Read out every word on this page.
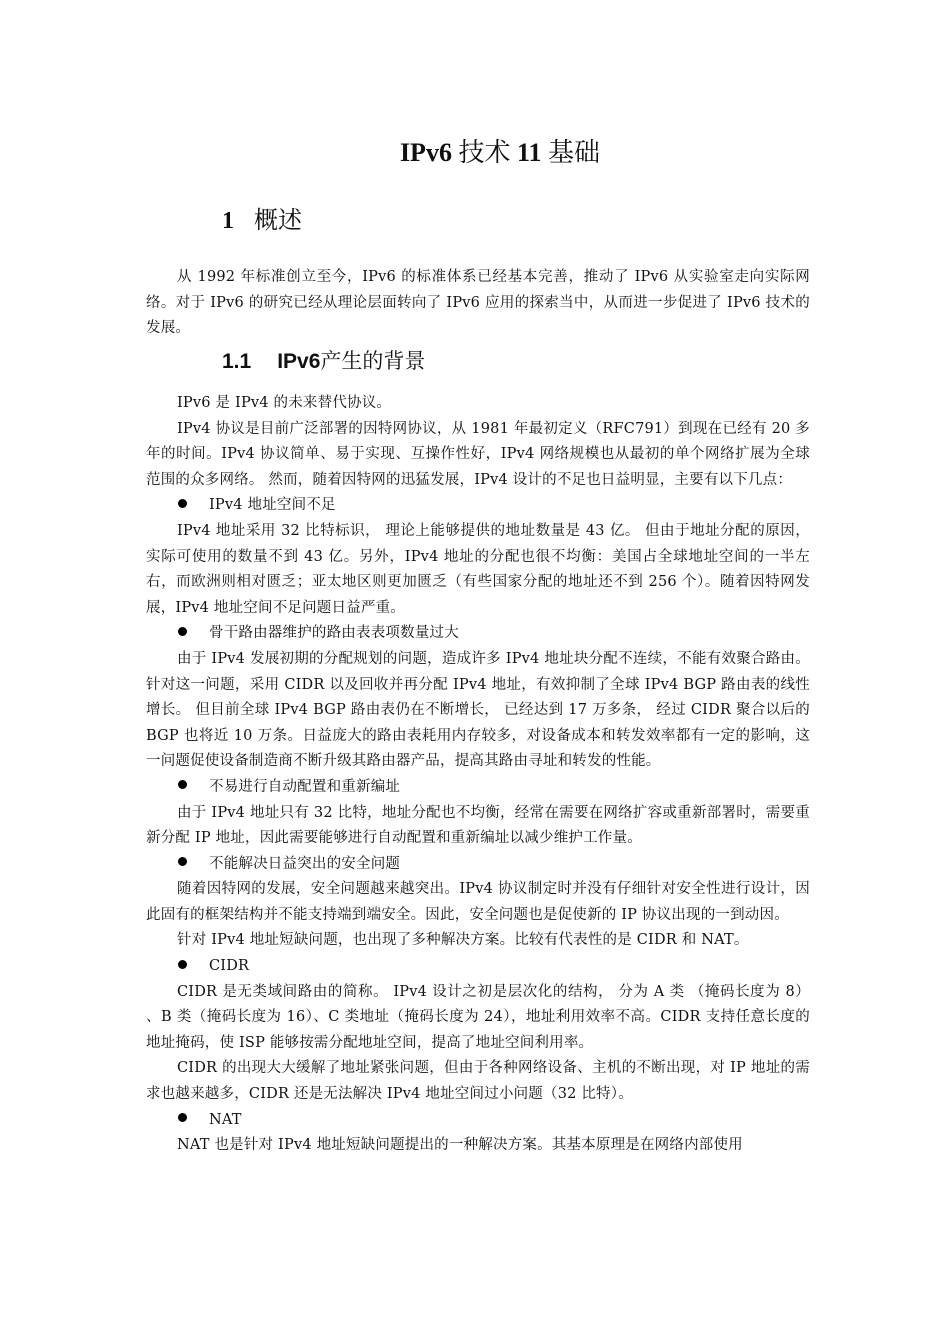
IPv6 技术 11 基础
1 概述

从 1992 年标准创立至今，IPv6 的标准体系已经基本完善，推动了 IPv6 从实验室走向实际网络。对于 IPv6 的研究已经从理论层面转向了 IPv6 应用的探索当中，从而进一步促进了 IPv6 技术的发展。

1.1 IPv6产生的背景

IPv6 是 IPv4 的未来替代协议。

IPv4 协议是目前广泛部署的因特网协议，从 1981 年最初定义（RFC791）到现在已经有 20 多年的时间。IPv4 协议简单、易于实现、互操作性好，IPv4 网络规模也从最初的单个网络扩展为全球范围的众多网络。 然而，随着因特网的迅猛发展，IPv4 设计的不足也日益明显，主要有以下几点：

IPv4 地址空间不足

IPv4 地址采用 32 比特标识， 理论上能够提供的地址数量是 43 亿。 但由于地址分配的原因，实际可使用的数量不到 43 亿。另外，IPv4 地址的分配也很不均衡：美国占全球地址空间的一半左右，而欧洲则相对匮乏；亚太地区则更加匮乏（有些国家分配的地址还不到 256 个）。随着因特网发展，IPv4 地址空间不足问题日益严重。

骨干路由器维护的路由表表项数量过大

由于 IPv4 发展初期的分配规划的问题，造成许多 IPv4 地址块分配不连续，不能有效聚合路由。针对这一问题，采用 CIDR 以及回收并再分配 IPv4 地址，有效抑制了全球 IPv4 BGP 路由表的线性增长。 但目前全球 IPv4 BGP 路由表仍在不断增长， 已经达到 17 万多条， 经过 CIDR 聚合以后的 BGP 也将近 10 万条。日益庞大的路由表耗用内存较多，对设备成本和转发效率都有一定的影响，这一问题促使设备制造商不断升级其路由器产品，提高其路由寻址和转发的性能。

不易进行自动配置和重新编址

由于 IPv4 地址只有 32 比特，地址分配也不均衡，经常在需要在网络扩容或重新部署时，需要重新分配 IP 地址，因此需要能够进行自动配置和重新编址以减少维护工作量。

不能解决日益突出的安全问题

随着因特网的发展，安全问题越来越突出。IPv4 协议制定时并没有仔细针对安全性进行设计，因此固有的框架结构并不能支持端到端安全。因此，安全问题也是促使新的 IP 协议出现的一到动因。

针对 IPv4 地址短缺问题，也出现了多种解决方案。比较有代表性的是 CIDR 和 NAT。

CIDR

CIDR 是无类域间路由的简称。 IPv4 设计之初是层次化的结构， 分为 A 类 （掩码长度为 8） 、B 类（掩码长度为 16）、C 类地址（掩码长度为 24），地址利用效率不高。CIDR 支持任意长度的地址掩码，使 ISP 能够按需分配地址空间，提高了地址空间利用率。

CIDR 的出现大大缓解了地址紧张问题，但由于各种网络设备、主机的不断出现，对 IP 地址的需求也越来越多，CIDR 还是无法解决 IPv4 地址空间过小问题（32 比特）。

NAT

NAT 也是针对 IPv4 地址短缺问题提出的一种解决方案。其基本原理是在网络内部使用
